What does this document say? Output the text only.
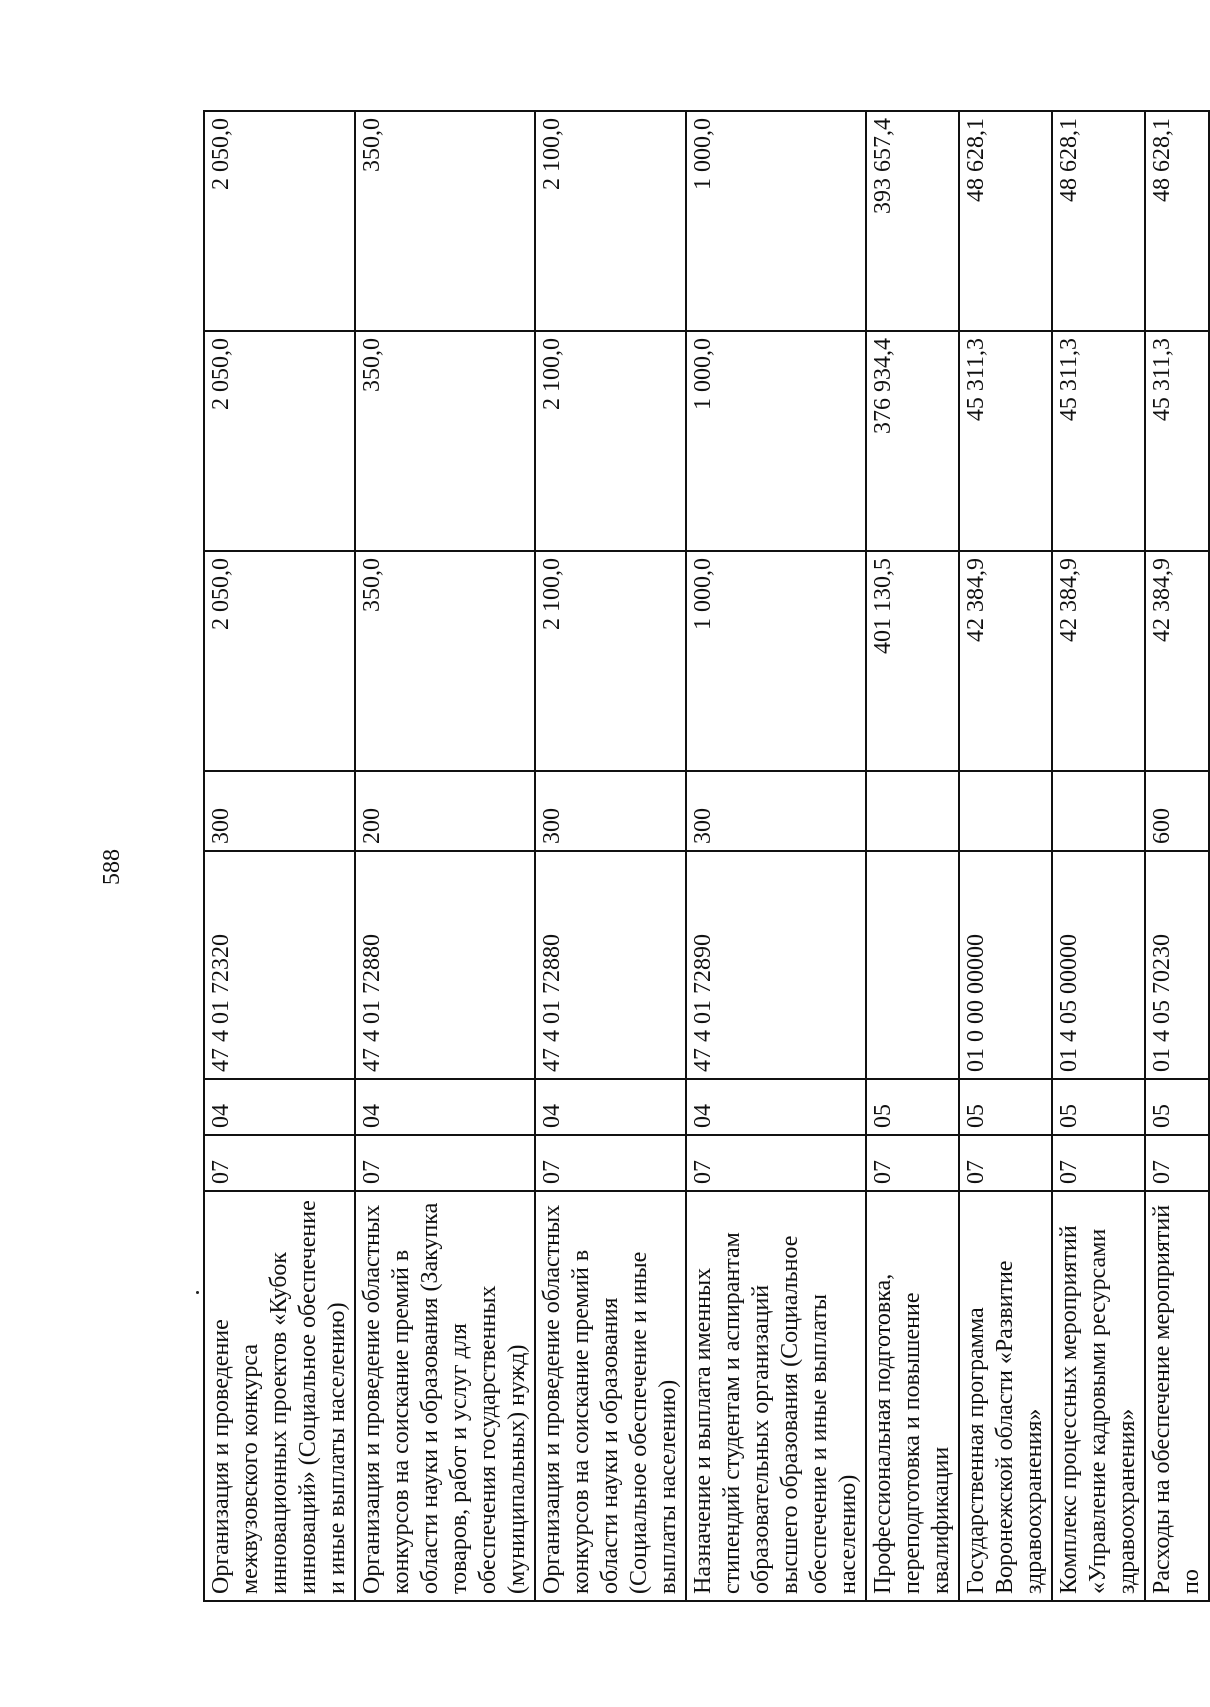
588
Организация и проведение межвузовского конкурса инновационных проектов «Кубок инноваций» (Социальное обеспечение и иные выплаты населению)	07	04	47 4 01 72320	300	2 050,0	2 050,0	2 050,0
Организация и проведение областных конкурсов на соискание премий в области науки и образования (Закупка товаров, работ и услуг для обеспечения государственных (муниципальных) нужд)	07	04	47 4 01 72880	200	350,0	350,0	350,0
Организация и проведение областных конкурсов на соискание премий в области науки и образования (Социальное обеспечение и иные выплаты населению)	07	04	47 4 01 72880	300	2 100,0	2 100,0	2 100,0
Назначение и выплата именных стипендий студентам и аспирантам образовательных организаций высшего образования (Социальное обеспечение и иные выплаты населению)	07	04	47 4 01 72890	300	1 000,0	1 000,0	1 000,0
Профессиональная подготовка, переподготовка и повышение квалификации	07	05			401 130,5	376 934,4	393 657,4
Государственная программа Воронежской области «Развитие здравоохранения»	07	05	01 0 00 00000		42 384,9	45 311,3	48 628,1
Комплекс процессных мероприятий «Управление кадровыми ресурсами здравоохранения»	07	05	01 4 05 00000		42 384,9	45 311,3	48 628,1
Расходы на обеспечение мероприятий по	07	05	01 4 05 70230	600	42 384,9	45 311,3	48 628,1
